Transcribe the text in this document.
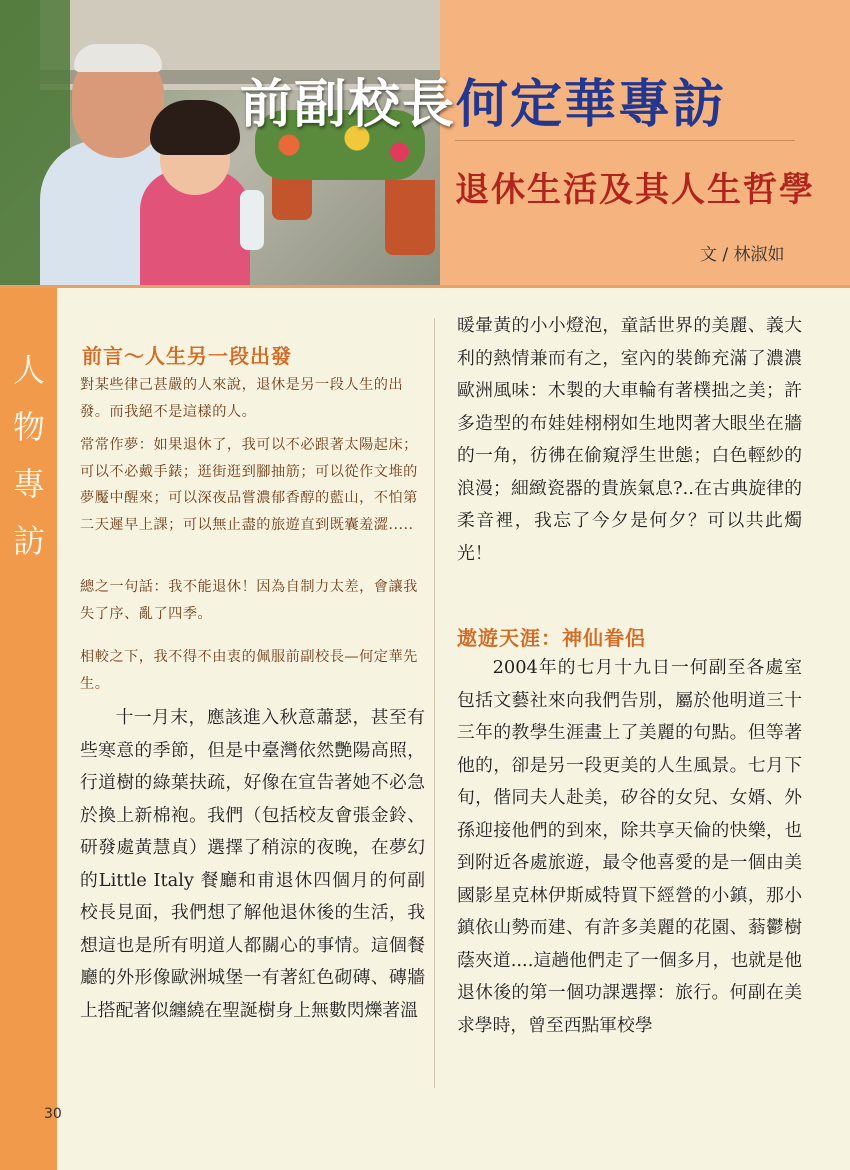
前副校長何定華專訪
退休生活及其人生哲學
文 / 林淑如
人
物
專
訪
30
前言～人生另一段出發

對某些律己甚嚴的人來說，退休是另一段人生的出發。而我絕不是這樣的人。

常常作夢：如果退休了，我可以不必跟著太陽起床；可以不必戴手錶；逛街逛到腳抽筋；可以從作文堆的夢魘中醒來；可以深夜品嘗濃郁香醇的藍山，不怕第二天遲早上課；可以無止盡的旅遊直到既囊羞澀.....

總之一句話：我不能退休！因為自制力太差，會讓我失了序、亂了四季。

相較之下，我不得不由衷的佩服前副校長—何定華先生。

十一月末，應該進入秋意蕭瑟，甚至有些寒意的季節，但是中臺灣依然艷陽高照，行道樹的綠葉扶疏，好像在宣告著她不必急於換上新棉袍。我們（包括校友會張金鈴、研發處黃慧貞）選擇了稍涼的夜晚，在夢幻的Little Italy 餐廳和甫退休四個月的何副校長見面，我們想了解他退休後的生活，我想這也是所有明道人都關心的事情。這個餐廳的外形像歐洲城堡一有著紅色砌磚、磚牆上搭配著似纏繞在聖誕樹身上無數閃爍著溫

暖暈黃的小小燈泡，童話世界的美麗、義大利的熱情兼而有之，室內的裝飾充滿了濃濃歐洲風味：木製的大車輪有著樸拙之美；許多造型的布娃娃栩栩如生地閃著大眼坐在牆的一角，彷彿在偷窺浮生世態；白色輕紗的浪漫；細緻瓷器的貴族氣息?..在古典旋律的柔音裡，我忘了今夕是何夕？可以共此燭光！

遨遊天涯：神仙眷侶

2004年的七月十九日一何副至各處室包括文藝社來向我們告別，屬於他明道三十三年的教學生涯畫上了美麗的句點。但等著他的，卻是另一段更美的人生風景。七月下旬，偕同夫人赴美，矽谷的女兒、女婿、外孫迎接他們的到來，除共享天倫的快樂，也到附近各處旅遊，最令他喜愛的是一個由美國影星克林伊斯威特買下經營的小鎮，那小鎮依山勢而建、有許多美麗的花園、蓊鬱樹蔭夾道....這趟他們走了一個多月，也就是他退休後的第一個功課選擇：旅行。何副在美求學時，曾至西點軍校學
